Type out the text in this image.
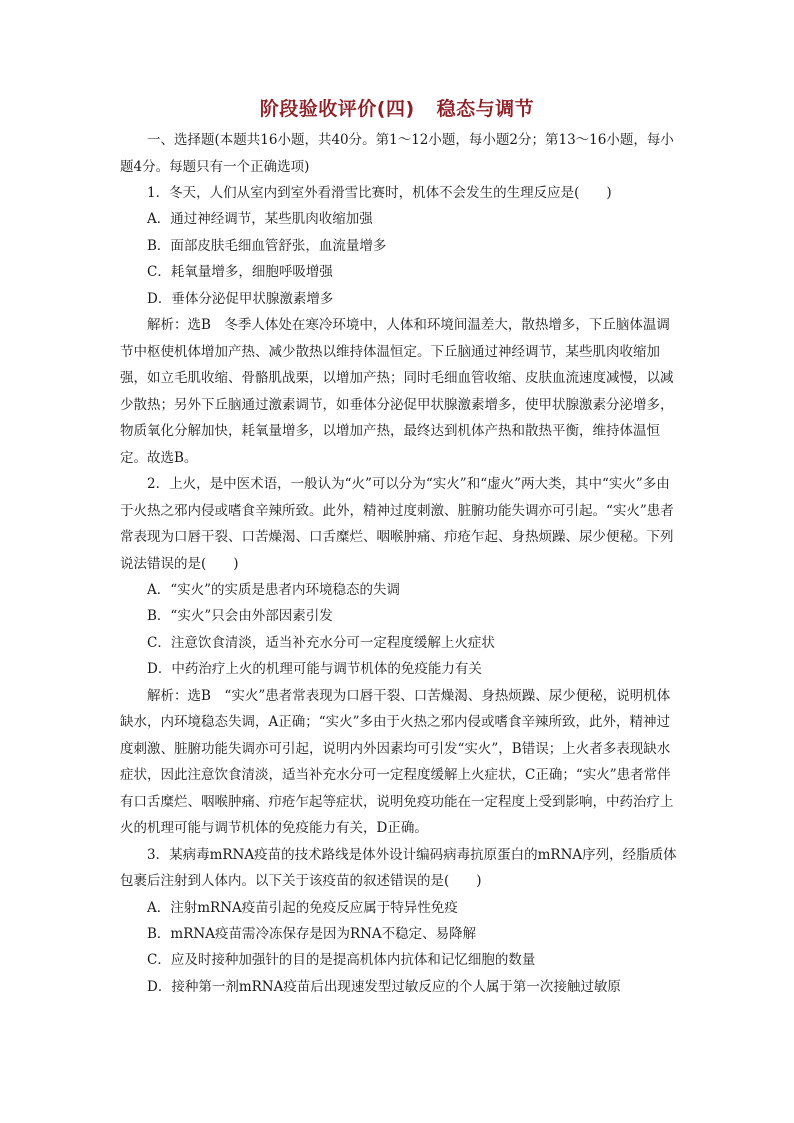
阶段验收评价(四) 稳态与调节

一、选择题(本题共16小题，共40分。第1～12小题，每小题2分；第13～16小题，每小题4分。每题只有一个正确选项)

1．冬天，人们从室内到室外看滑雪比赛时，机体不会发生的生理反应是(　　)

A．通过神经调节，某些肌肉收缩加强

B．面部皮肤毛细血管舒张，血流量增多

C．耗氧量增多，细胞呼吸增强

D．垂体分泌促甲状腺激素增多

解析：选B　冬季人体处在寒冷环境中，人体和环境间温差大，散热增多，下丘脑体温调节中枢使机体增加产热、减少散热以维持体温恒定。下丘脑通过神经调节，某些肌肉收缩加强，如立毛肌收缩、骨骼肌战栗，以增加产热；同时毛细血管收缩、皮肤血流速度减慢，以减少散热；另外下丘脑通过激素调节，如垂体分泌促甲状腺激素增多，使甲状腺激素分泌增多，物质氧化分解加快，耗氧量增多，以增加产热，最终达到机体产热和散热平衡，维持体温恒定。故选B。

2．上火，是中医术语，一般认为“火”可以分为“实火”和“虚火”两大类，其中“实火”多由于火热之邪内侵或嗜食辛辣所致。此外，精神过度刺激、脏腑功能失调亦可引起。“实火”患者常表现为口唇干裂、口苦燥渴、口舌糜烂、咽喉肿痛、疖疮乍起、身热烦躁、尿少便秘。下列说法错误的是(　　)

A．“实火”的实质是患者内环境稳态的失调

B．“实火”只会由外部因素引发

C．注意饮食清淡，适当补充水分可一定程度缓解上火症状

D．中药治疗上火的机理可能与调节机体的免疫能力有关

解析：选B　“实火”患者常表现为口唇干裂、口苦燥渴、身热烦躁、尿少便秘，说明机体缺水，内环境稳态失调，A正确；“实火”多由于火热之邪内侵或嗜食辛辣所致，此外，精神过度刺激、脏腑功能失调亦可引起，说明内外因素均可引发“实火”，B错误；上火者多表现缺水症状，因此注意饮食清淡，适当补充水分可一定程度缓解上火症状，C正确；“实火”患者常伴有口舌糜烂、咽喉肿痛、疖疮乍起等症状，说明免疫功能在一定程度上受到影响，中药治疗上火的机理可能与调节机体的免疫能力有关，D正确。

3．某病毒mRNA疫苗的技术路线是体外设计编码病毒抗原蛋白的mRNA序列，经脂质体包裹后注射到人体内。以下关于该疫苗的叙述错误的是(　　)

A．注射mRNA疫苗引起的免疫反应属于特异性免疫

B．mRNA疫苗需冷冻保存是因为RNA不稳定、易降解

C．应及时接种加强针的目的是提高机体内抗体和记忆细胞的数量

D．接种第一剂mRNA疫苗后出现速发型过敏反应的个人属于第一次接触过敏原
